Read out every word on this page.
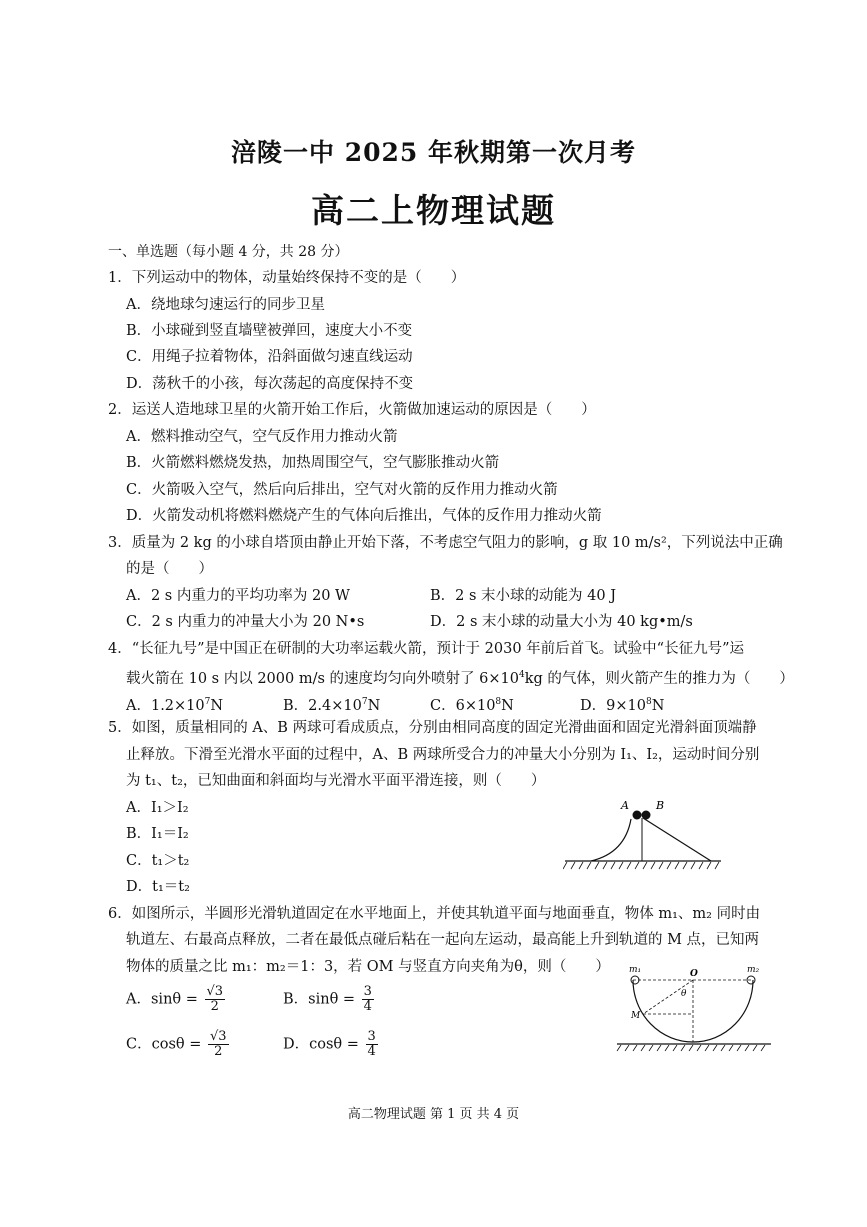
涪陵一中 2025 年秋期第一次月考
高二上物理试题
一、单选题（每小题 4 分，共 28 分）
1．下列运动中的物体，动量始终保持不变的是（　　）
A．绕地球匀速运行的同步卫星
B．小球碰到竖直墙壁被弹回，速度大小不变
C．用绳子拉着物体，沿斜面做匀速直线运动
D．荡秋千的小孩，每次荡起的高度保持不变
2．运送人造地球卫星的火箭开始工作后，火箭做加速运动的原因是（　　）
A．燃料推动空气，空气反作用力推动火箭
B．火箭燃料燃烧发热，加热周围空气，空气膨胀推动火箭
C．火箭吸入空气，然后向后排出，空气对火箭的反作用力推动火箭
D．火箭发动机将燃料燃烧产生的气体向后推出，气体的反作用力推动火箭
3．质量为 2 kg 的小球自塔顶由静止开始下落，不考虑空气阻力的影响，g 取 10 m/s²，下列说法中正确
的是（　　）
A．2 s 内重力的平均功率为 20 W	B．2 s 末小球的动能为 40 J
C．2 s 内重力的冲量大小为 20 N•s	D．2 s 末小球的动量大小为 40 kg•m/s
4．“长征九号”是中国正在研制的大功率运载火箭，预计于 2030 年前后首飞。试验中“长征九号”运
载火箭在 10 s 内以 2000 m/s 的速度均匀向外喷射了 $6\times 10^4kg$ 的气体，则火箭产生的推力为（　　）
A．$1.2\times 10^7N$	B．$2.4\times 10^7N$	C．$6\times 10^8N$	D．$9\times 10^8N$
5．如图，质量相同的 A、B 两球可看成质点，分别由相同高度的固定光滑曲面和固定光滑斜面顶端静
止释放。下滑至光滑水平面的过程中，A、B 两球所受合力的冲量大小分别为 I₁、I₂，运动时间分别
为 t₁、t₂，已知曲面和斜面均与光滑水平面平滑连接，则（　　）
A．I₁＞I₂
B．I₁＝I₂
C．t₁＞t₂
D．t₁＝t₂
A B
6．如图所示，半圆形光滑轨道固定在水平地面上，并使其轨道平面与地面垂直，物体 m₁、m₂ 同时由
轨道左、右最高点释放，二者在最低点碰后粘在一起向左运动，最高能上升到轨道的 M 点，已知两
物体的质量之比 m₁：m₂＝1：3，若 OM 与竖直方向夹角为θ，则（　　）
A．$\sin\theta = \frac{√3}{2}$	B．$\sin\theta = \frac{3}{4}$
C．$\cos\theta = \frac{√3}{2}$	D．$\cos\theta = \frac{3}{4}$
m₁	m₂
O
θ
M
高二物理试题 第 1 页 共 4 页
